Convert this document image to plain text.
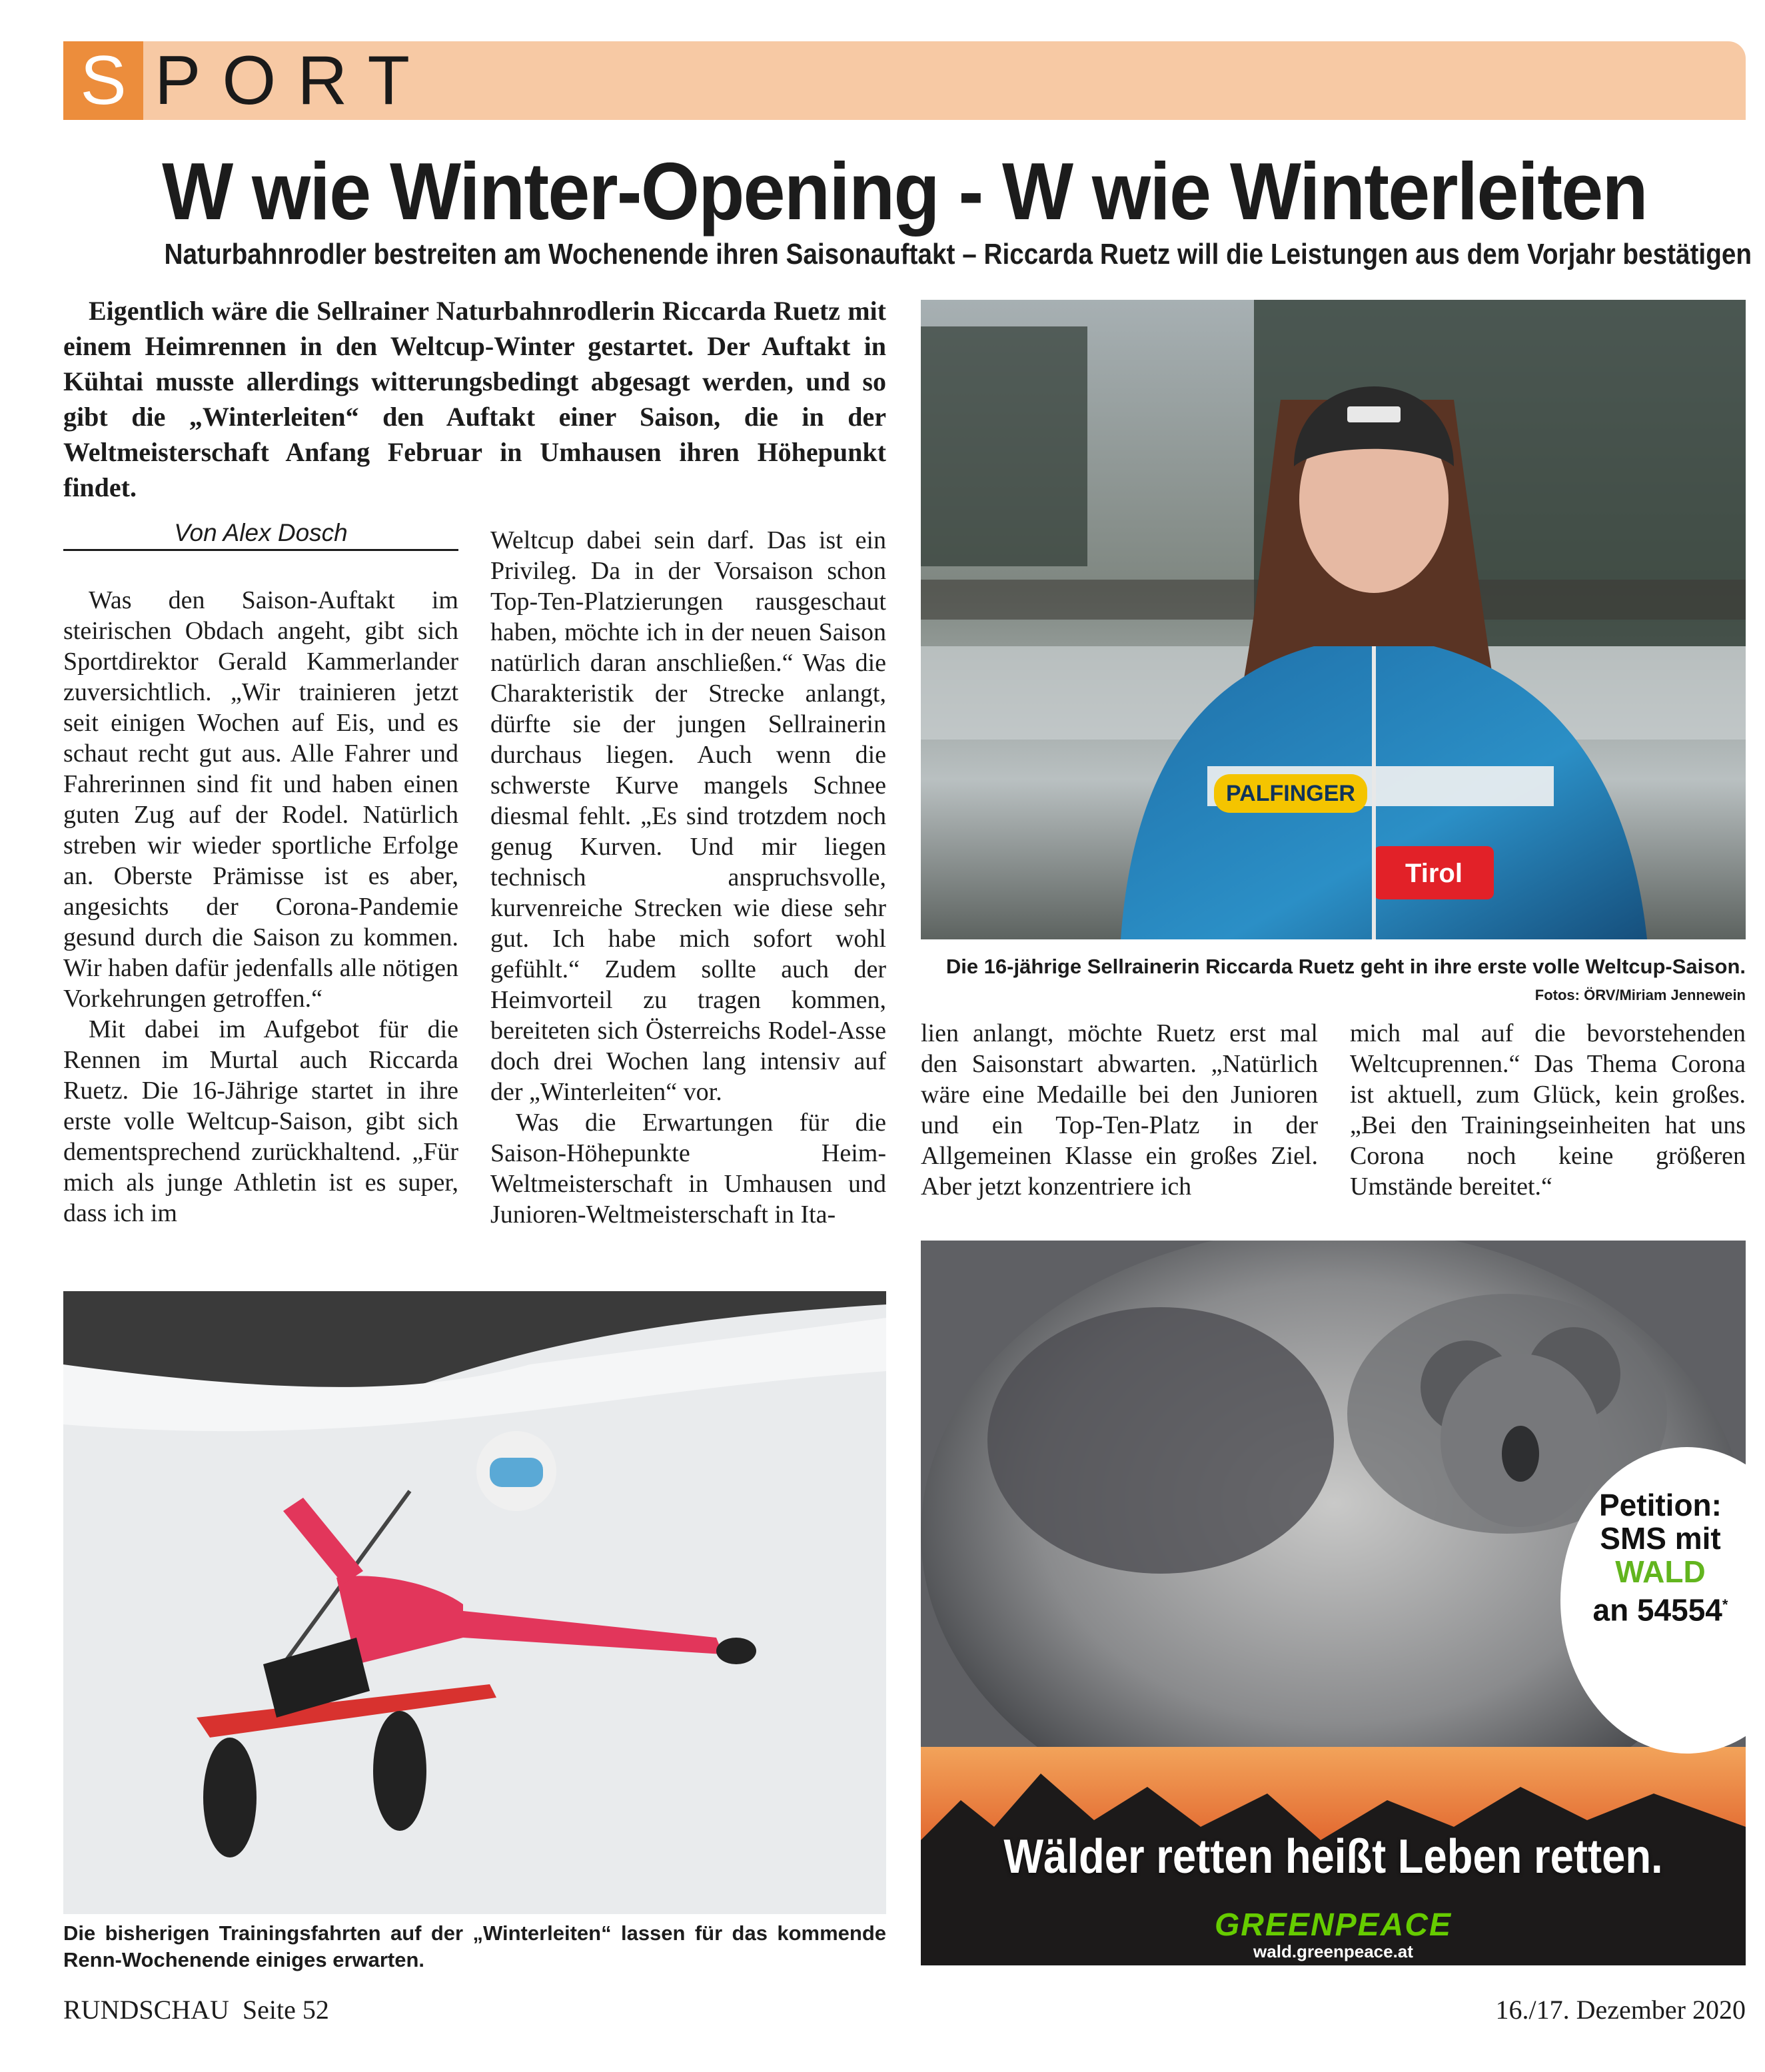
S PORT
W wie Winter-Opening - W wie Winterleiten
Naturbahnrodler bestreiten am Wochenende ihren Saisonauftakt – Riccarda Ruetz will die Leistungen aus dem Vorjahr bestätigen
Eigentlich wäre die Sellrainer Naturbahnrodlerin Riccarda Ruetz mit einem Heimrennen in den Weltcup-Winter gestartet. Der Auftakt in Kühtai musste allerdings witterungsbedingt abgesagt werden, und so gibt die „Winterleiten“ den Auftakt einer Saison, die in der Weltmeisterschaft Anfang Februar in Umhausen ihren Höhepunkt findet.
PALFINGER
Tirol
Die 16-jährige Sellrainerin Riccarda Ruetz geht in ihre erste volle Weltcup-Saison.
Fotos: ÖRV/Miriam Jennewein
Von Alex Dosch

Was den Saison-Auftakt im steirischen Obdach angeht, gibt sich Sportdirektor Gerald Kammerlander zuversichtlich. „Wir trainieren jetzt seit einigen Wochen auf Eis, und es schaut recht gut aus. Alle Fahrer und Fahrerinnen sind fit und haben einen guten Zug auf der Rodel. Natürlich streben wir wieder sportliche Erfolge an. Oberste Prämisse ist es aber, angesichts der Corona-Pandemie gesund durch die Saison zu kommen. Wir haben dafür jedenfalls alle nötigen Vorkehrungen getroffen.“

Mit dabei im Aufgebot für die Rennen im Murtal auch Riccarda Ruetz. Die 16-Jährige startet in ihre erste volle Weltcup-Saison, gibt sich dementsprechend zurückhaltend. „Für mich als junge Athletin ist es super, dass ich im

Weltcup dabei sein darf. Das ist ein Privileg. Da in der Vorsaison schon Top-Ten-Platzierungen rausgeschaut haben, möchte ich in der neuen Saison natürlich daran anschließen.“ Was die Charakteristik der Strecke anlangt, dürfte sie der jungen Sellrainerin durchaus liegen. Auch wenn die schwerste Kurve mangels Schnee diesmal fehlt. „Es sind trotzdem noch genug Kurven. Und mir liegen technisch anspruchsvolle, kurvenreiche Strecken wie diese sehr gut. Ich habe mich sofort wohl gefühlt.“ Zudem sollte auch der Heimvorteil zu tragen kommen, bereiteten sich Österreichs Rodel-Asse doch drei Wochen lang intensiv auf der „Winterleiten“ vor.

Was die Erwartungen für die Saison-Höhepunkte Heim-Weltmeisterschaft in Umhausen und Junioren-Weltmeisterschaft in Ita-

lien anlangt, möchte Ruetz erst mal den Saisonstart abwarten. „Natürlich wäre eine Medaille bei den Junioren und ein Top-Ten-Platz in der Allgemeinen Klasse ein großes Ziel. Aber jetzt konzentriere ich

mich mal auf die bevorstehenden Weltcuprennen.“ Das Thema Corona ist aktuell, zum Glück, kein großes. „Bei den Trainingseinheiten hat uns Corona noch keine größeren Umstände bereitet.“

Die bisherigen Trainingsfahrten auf der „Winterleiten“ lassen für das kommende Renn-Wochenende einiges erwarten.
Petition:
SMS mit
WALD
an 54554*
Wälder retten heißt Leben retten.
GREENPEACE
wald.greenpeace.at
RUNDSCHAU  Seite 52	16./17. Dezember 2020
